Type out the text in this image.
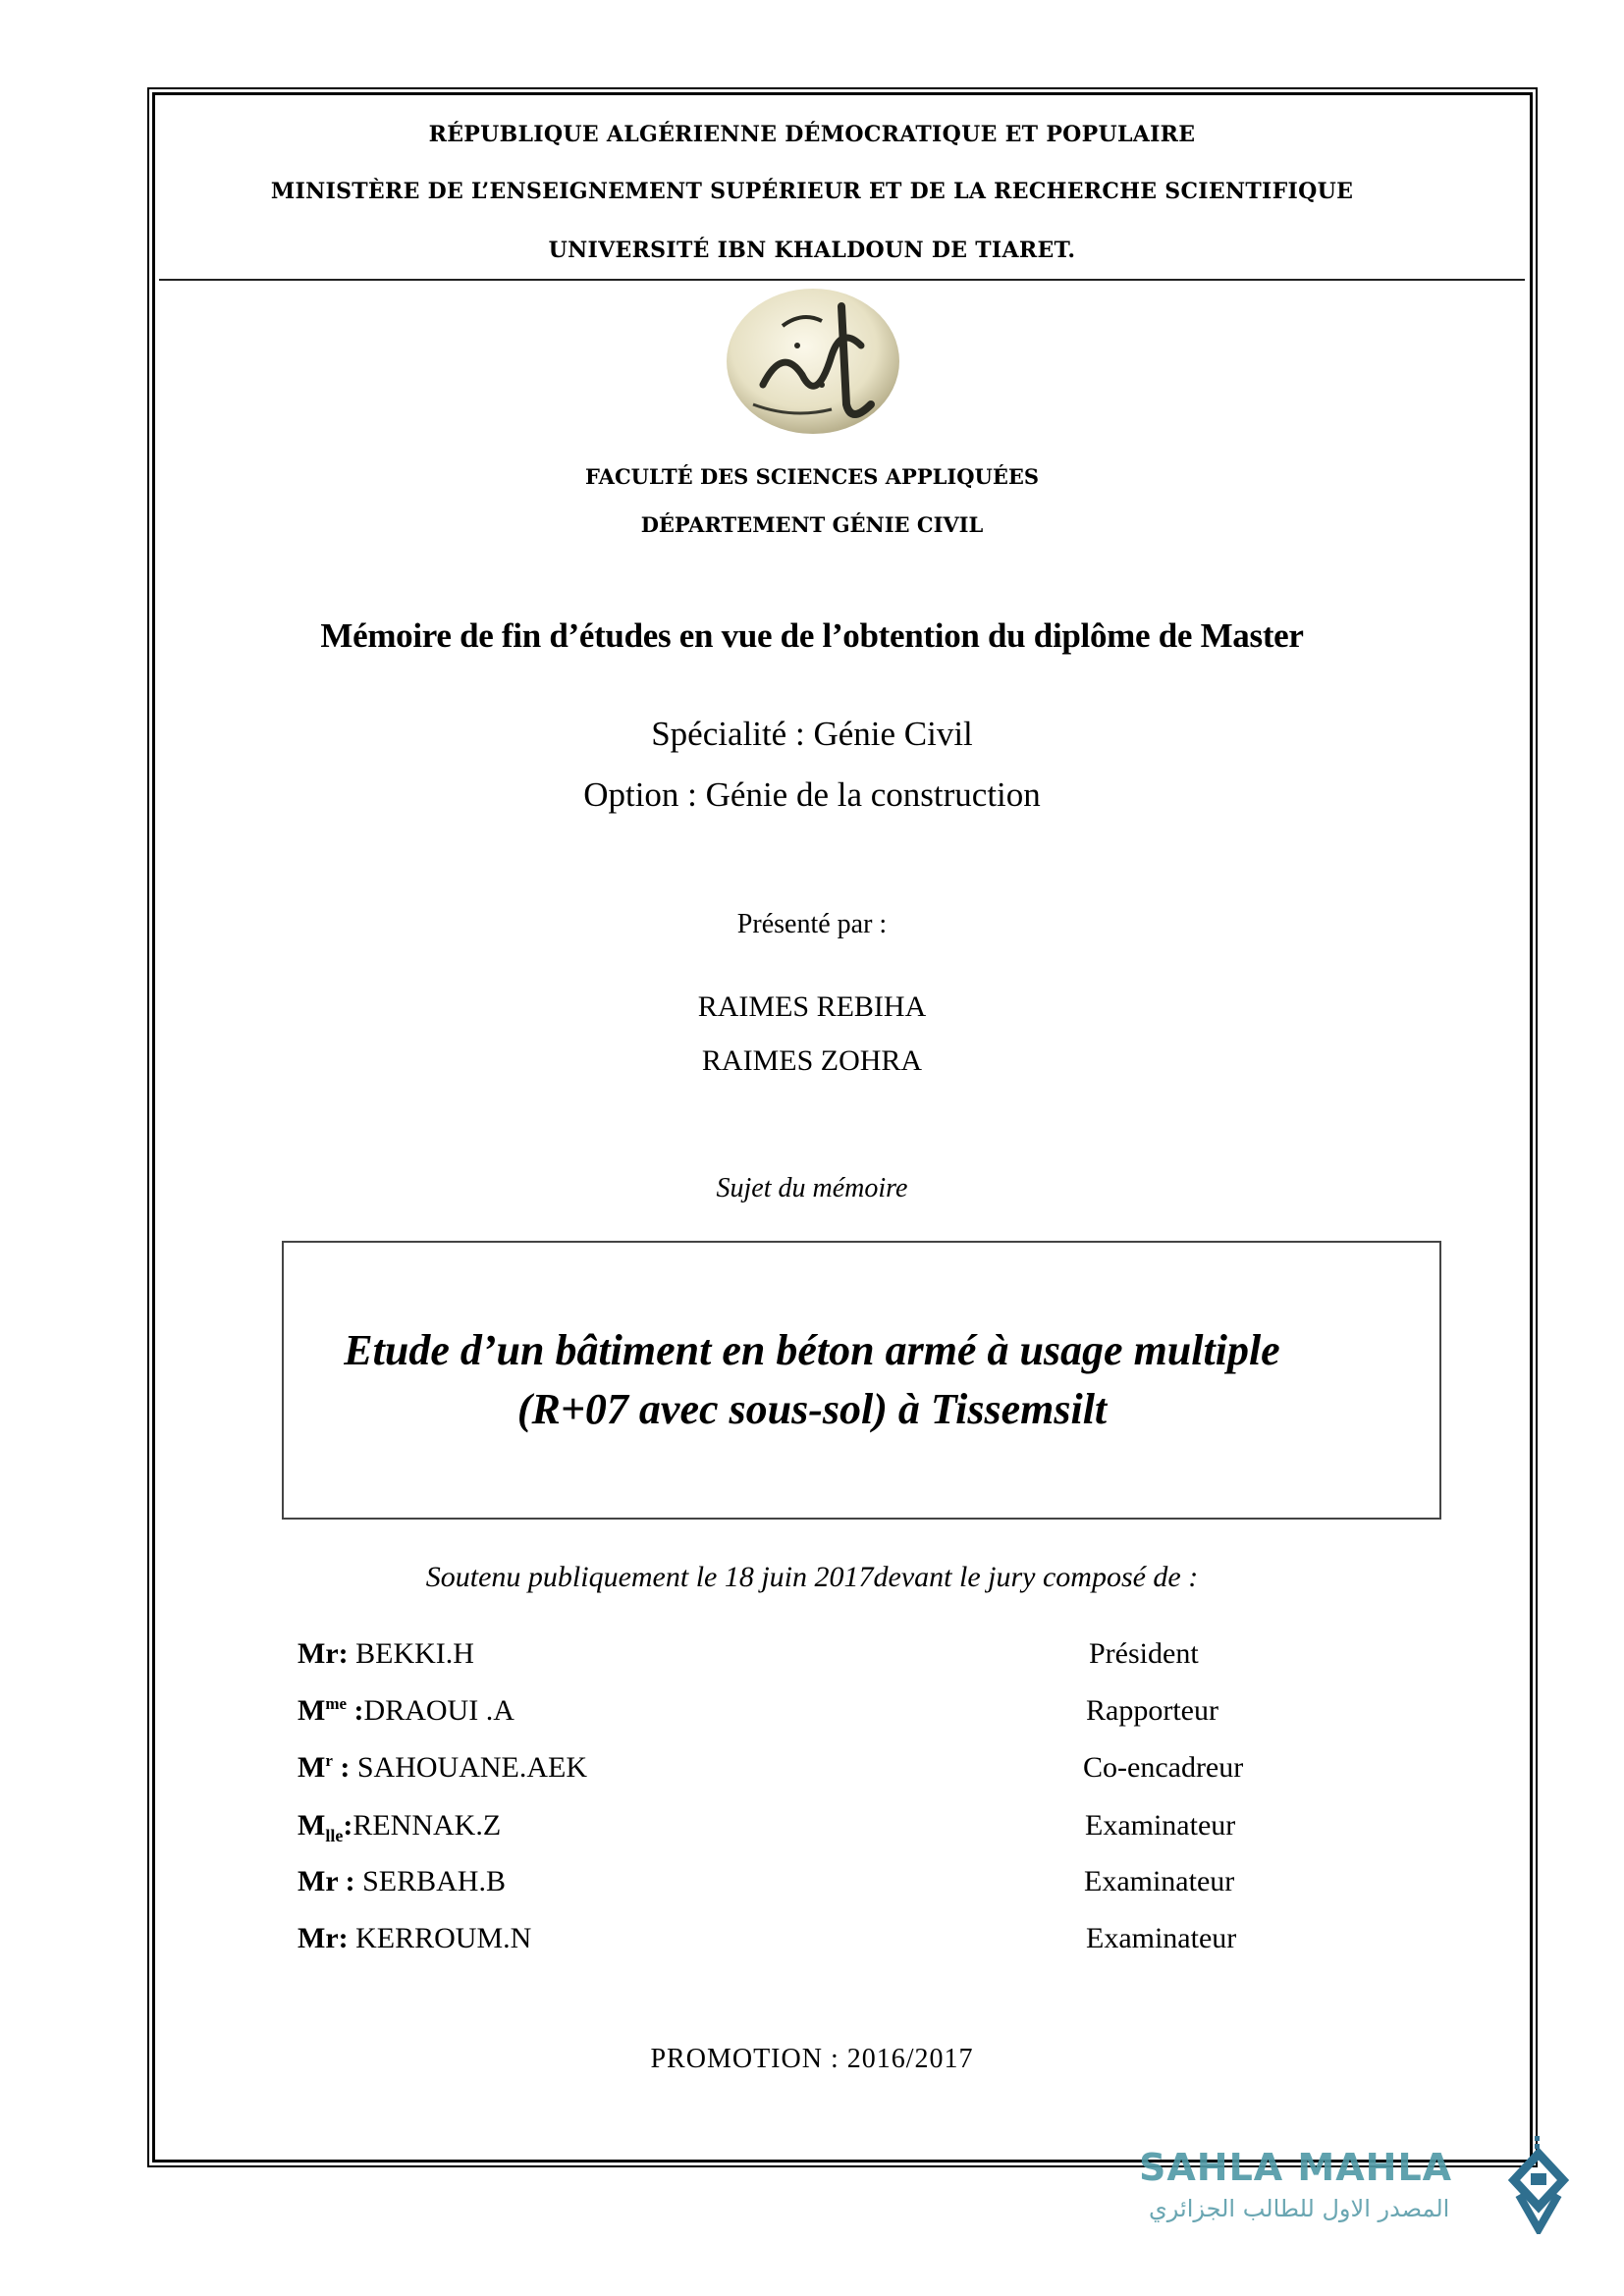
RÉPUBLIQUE ALGÉRIENNE DÉMOCRATIQUE ET POPULAIRE
MINISTÈRE DE L’ENSEIGNEMENT SUPÉRIEUR ET DE LA RECHERCHE SCIENTIFIQUE
UNIVERSITÉ IBN KHALDOUN DE TIARET.
FACULTÉ DES SCIENCES APPLIQUÉES
DÉPARTEMENT GÉNIE CIVIL
Mémoire de fin d’études en vue de l’obtention du diplôme de Master
Spécialité : Génie Civil
Option : Génie de la construction
Présenté par :
RAIMES REBIHA
RAIMES ZOHRA
Sujet du mémoire
Etude d’un bâtiment en béton armé à usage multiple
(R+07 avec sous-sol) à Tissemsilt
Soutenu publiquement le 18 juin 2017devant le jury composé de :
Mr: BEKKI.H	Président
$M^{me}$ :DRAOUI .A	Rapporteur
$M^r$ : SAHOUANE.AEK	Co-encadreur
$M_{lle}:RENNAK.Z$	Examinateur
Mr : SERBAH.B	Examinateur
Mr: KERROUM.N	Examinateur
PROMOTION : 2016/2017
SAHLA MAHLA
المصدر الاول للطالب الجزائري
